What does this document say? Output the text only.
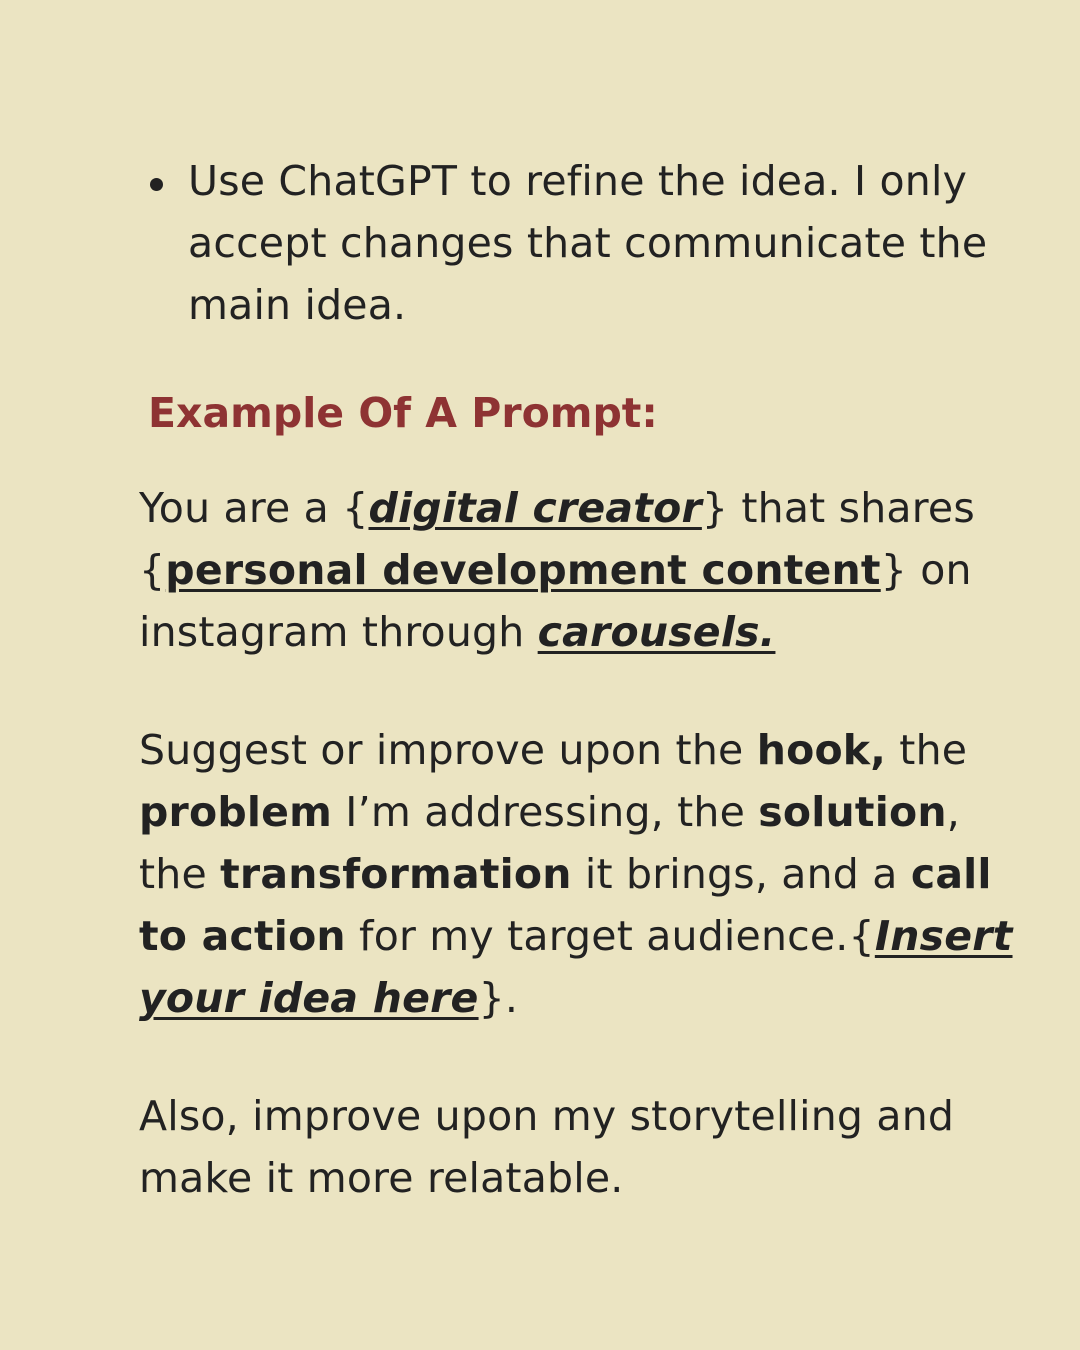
Use ChatGPT to refine the idea. I only accept changes that communicate the main idea.
Example Of A Prompt:
You are a {digital creator} that shares {personal development content} on instagram through carousels.
Suggest or improve upon the hook, the problem I’m addressing, the solution, the transformation it brings, and a call to action for my target audience.{Insert your idea here}.
Also, improve upon my storytelling and make it more relatable.
